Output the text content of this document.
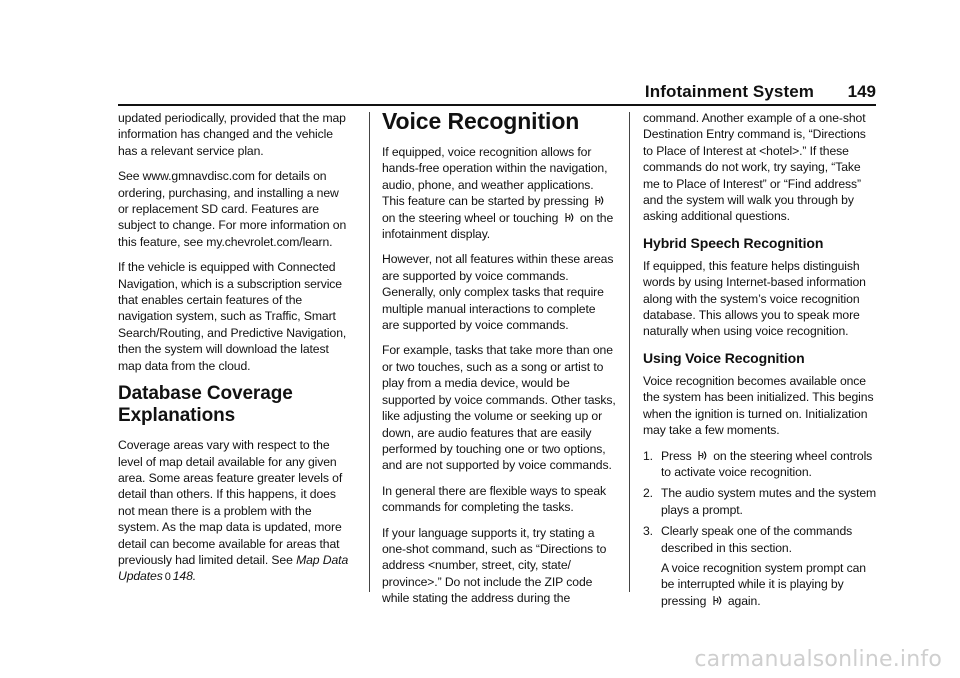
Infotainment System 149

updated periodically, provided that the map information has changed and the vehicle has a relevant service plan.

See www.gmnavdisc.com for details on ordering, purchasing, and installing a new or replacement SD card. Features are subject to change. For more information on this feature, see my.chevrolet.com/learn.

If the vehicle is equipped with Connected Navigation, which is a subscription service that enables certain features of the navigation system, such as Traffic, Smart Search/Routing, and Predictive Navigation, then the system will download the latest map data from the cloud.

Database Coverage Explanations

Coverage areas vary with respect to the level of map detail available for any given area. Some areas feature greater levels of detail than others. If this happens, it does not mean there is a problem with the system. As the map data is updated, more detail can become available for areas that previously had limited detail. See Map Data Updates 0 148.

Voice Recognition

If equipped, voice recognition allows for hands-free operation within the navigation, audio, phone, and weather applications. This feature can be started by pressing  on the steering wheel or touching on the infotainment display.

However, not all features within these areas are supported by voice commands. Generally, only complex tasks that require multiple manual interactions to complete are supported by voice commands.

For example, tasks that take more than one or two touches, such as a song or artist to play from a media device, would be supported by voice commands. Other tasks, like adjusting the volume or seeking up or down, are audio features that are easily performed by touching one or two options, and are not supported by voice commands.

In general there are flexible ways to speak commands for completing the tasks.

If your language supports it, try stating a one-shot command, such as “Directions to address <number, street, city, state/ province>.” Do not include the ZIP code while stating the address during the

command. Another example of a one-shot Destination Entry command is, “Directions to Place of Interest at <hotel>.” If these commands do not work, try saying, “Take me to Place of Interest” or “Find address” and the system will walk you through by asking additional questions.

Hybrid Speech Recognition

If equipped, this feature helps distinguish words by using Internet-based information along with the system’s voice recognition database. This allows you to speak more naturally when using voice recognition.

Using Voice Recognition

Voice recognition becomes available once the system has been initialized. This begins when the ignition is turned on. Initialization may take a few moments.

1. Press on the steering wheel controls to activate voice recognition.
2. The audio system mutes and the system plays a prompt.
3. Clearly speak one of the commands described in this section.
A voice recognition system prompt can be interrupted while it is playing by pressing again.
carmanualsonline.info
